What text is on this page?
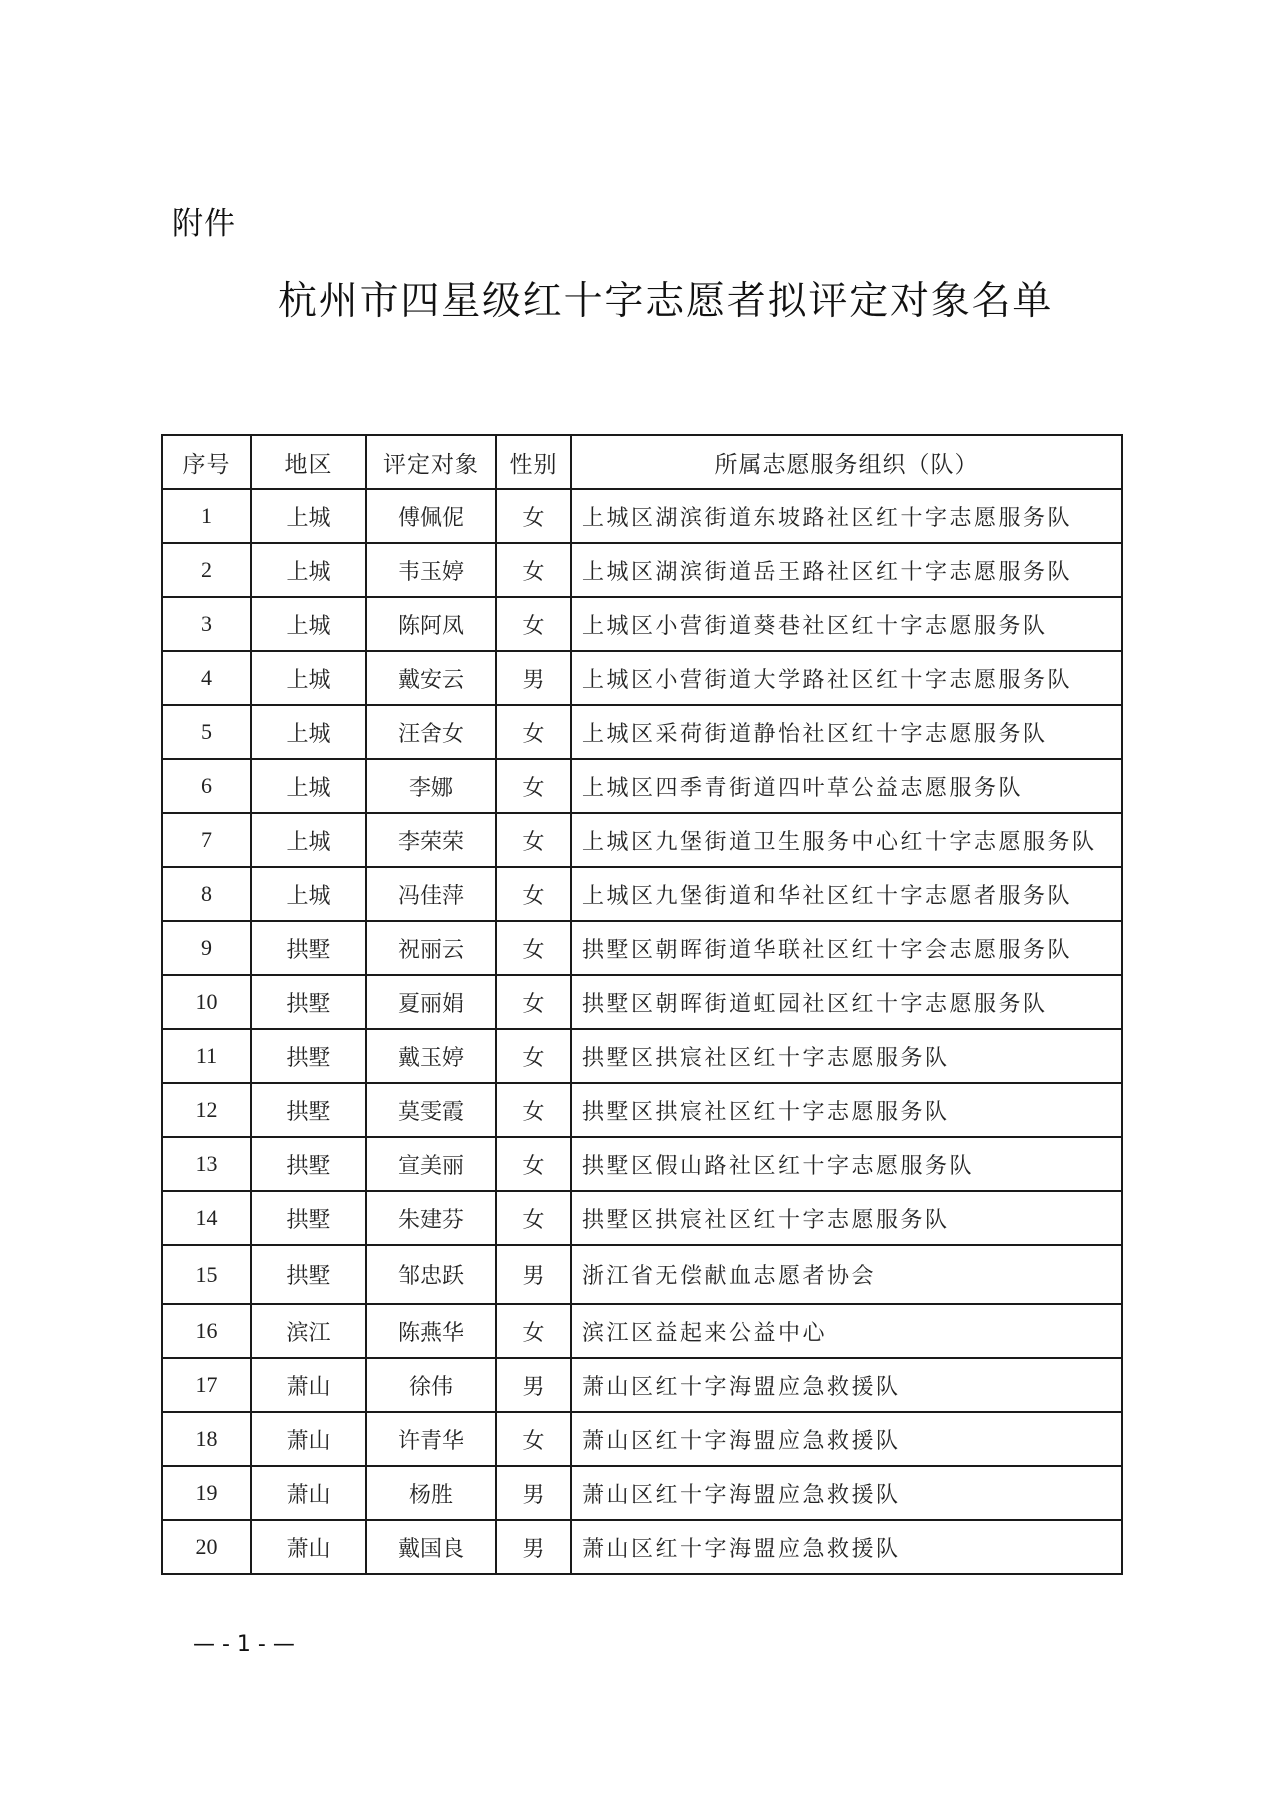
附件
杭州市四星级红十字志愿者拟评定对象名单
序号	地区	评定对象	性别	所属志愿服务组织（队）
1	上城	傅佩伲	女	上城区湖滨街道东坡路社区红十字志愿服务队
2	上城	韦玉婷	女	上城区湖滨街道岳王路社区红十字志愿服务队
3	上城	陈阿凤	女	上城区小营街道葵巷社区红十字志愿服务队
4	上城	戴安云	男	上城区小营街道大学路社区红十字志愿服务队
5	上城	汪舍女	女	上城区采荷街道静怡社区红十字志愿服务队
6	上城	李娜	女	上城区四季青街道四叶草公益志愿服务队
7	上城	李荣荣	女	上城区九堡街道卫生服务中心红十字志愿服务队
8	上城	冯佳萍	女	上城区九堡街道和华社区红十字志愿者服务队
9	拱墅	祝丽云	女	拱墅区朝晖街道华联社区红十字会志愿服务队
10	拱墅	夏丽娟	女	拱墅区朝晖街道虹园社区红十字志愿服务队
11	拱墅	戴玉婷	女	拱墅区拱宸社区红十字志愿服务队
12	拱墅	莫雯霞	女	拱墅区拱宸社区红十字志愿服务队
13	拱墅	宣美丽	女	拱墅区假山路社区红十字志愿服务队
14	拱墅	朱建芬	女	拱墅区拱宸社区红十字志愿服务队
15	拱墅	邹忠跃	男	浙江省无偿献血志愿者协会
16	滨江	陈燕华	女	滨江区益起来公益中心
17	萧山	徐伟	男	萧山区红十字海盟应急救援队
18	萧山	许青华	女	萧山区红十字海盟应急救援队
19	萧山	杨胜	男	萧山区红十字海盟应急救援队
20	萧山	戴国良	男	萧山区红十字海盟应急救援队
— - 1 - —
